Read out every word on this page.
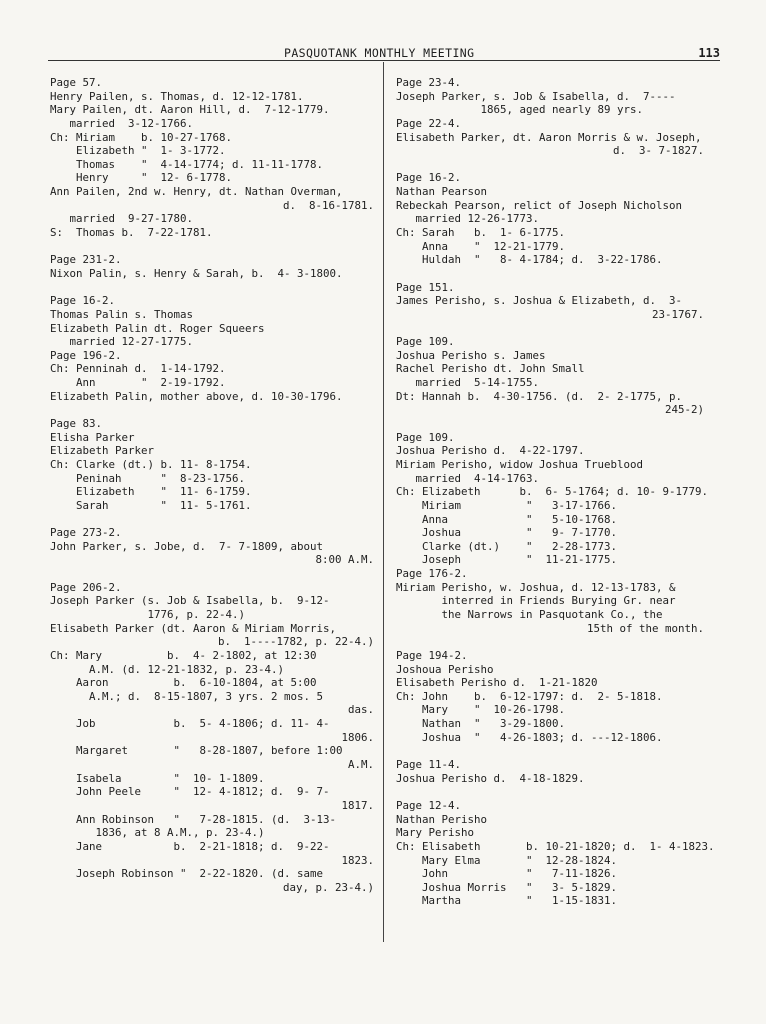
PASQUOTANK MONTHLY MEETING	113
Page 57.
Henry Pailen, s. Thomas, d. 12-12-1781.
Mary Pailen, dt. Aaron Hill, d.  7-12-1779.
married  3-12-1766.
Ch: Miriam    b. 10-27-1768.
Elizabeth "  1- 3-1772.
Thomas    "  4-14-1774; d. 11-11-1778.
Henry     "  12- 6-1778.
Ann Pailen, 2nd w. Henry, dt. Nathan Overman,
d.  8-16-1781.
married  9-27-1780.
S:  Thomas b.  7-22-1781.
Page 231-2.
Nixon Palin, s. Henry & Sarah, b.  4- 3-1800.
Page 16-2.
Thomas Palin s. Thomas
Elizabeth Palin dt. Roger Squeers
married 12-27-1775.
Page 196-2.
Ch: Penninah d.  1-14-1792.
Ann       "  2-19-1792.
Elizabeth Palin, mother above, d. 10-30-1796.
Page 83.
Elisha Parker
Elizabeth Parker
Ch: Clarke (dt.) b. 11- 8-1754.
Peninah      "  8-23-1756.
Elizabeth    "  11- 6-1759.
Sarah        "  11- 5-1761.
Page 273-2.
John Parker, s. Jobe, d.  7- 7-1809, about
8:00 A.M.
Page 206-2.
Joseph Parker (s. Job & Isabella, b.  9-12-
1776, p. 22-4.)
Elisabeth Parker (dt. Aaron & Miriam Morris,
b.  1----1782, p. 22-4.)
Ch: Mary          b.  4- 2-1802, at 12:30
A.M. (d. 12-21-1832, p. 23-4.)
Aaron          b.  6-10-1804, at 5:00
A.M.; d.  8-15-1807, 3 yrs. 2 mos. 5
das.
Job            b.  5- 4-1806; d. 11- 4-
1806.
Margaret       "   8-28-1807, before 1:00
A.M.
Isabela        "  10- 1-1809.
John Peele     "  12- 4-1812; d.  9- 7-
1817.
Ann Robinson   "   7-28-1815. (d.  3-13-
1836, at 8 A.M., p. 23-4.)
Jane           b.  2-21-1818; d.  9-22-
1823.
Joseph Robinson "  2-22-1820. (d. same
day, p. 23-4.)
Page 23-4.
Joseph Parker, s. Job & Isabella, d.  7----
1865, aged nearly 89 yrs.
Page 22-4.
Elisabeth Parker, dt. Aaron Morris & w. Joseph,
d.  3- 7-1827.
Page 16-2.
Nathan Pearson
Rebeckah Pearson, relict of Joseph Nicholson
married 12-26-1773.
Ch: Sarah   b.  1- 6-1775.
Anna    "  12-21-1779.
Huldah  "   8- 4-1784; d.  3-22-1786.
Page 151.
James Perisho, s. Joshua & Elizabeth, d.  3-
23-1767.
Page 109.
Joshua Perisho s. James
Rachel Perisho dt. John Small
married  5-14-1755.
Dt: Hannah b.  4-30-1756. (d.  2- 2-1775, p.
245-2)
Page 109.
Joshua Perisho d.  4-22-1797.
Miriam Perisho, widow Joshua Trueblood
married  4-14-1763.
Ch: Elizabeth      b.  6- 5-1764; d. 10- 9-1779.
Miriam          "   3-17-1766.
Anna            "   5-10-1768.
Joshua          "   9- 7-1770.
Clarke (dt.)    "   2-28-1773.
Joseph          "  11-21-1775.
Page 176-2.
Miriam Perisho, w. Joshua, d. 12-13-1783, &
interred in Friends Burying Gr. near
the Narrows in Pasquotank Co., the
15th of the month.
Page 194-2.
Joshoua Perisho
Elisabeth Perisho d.  1-21-1820
Ch: John    b.  6-12-1797: d.  2- 5-1818.
Mary    "  10-26-1798.
Nathan  "   3-29-1800.
Joshua  "   4-26-1803; d. ---12-1806.
Page 11-4.
Joshua Perisho d.  4-18-1829.
Page 12-4.
Nathan Perisho
Mary Perisho
Ch: Elisabeth       b. 10-21-1820; d.  1- 4-1823.
Mary Elma       "  12-28-1824.
John            "   7-11-1826.
Joshua Morris   "   3- 5-1829.
Martha          "   1-15-1831.
